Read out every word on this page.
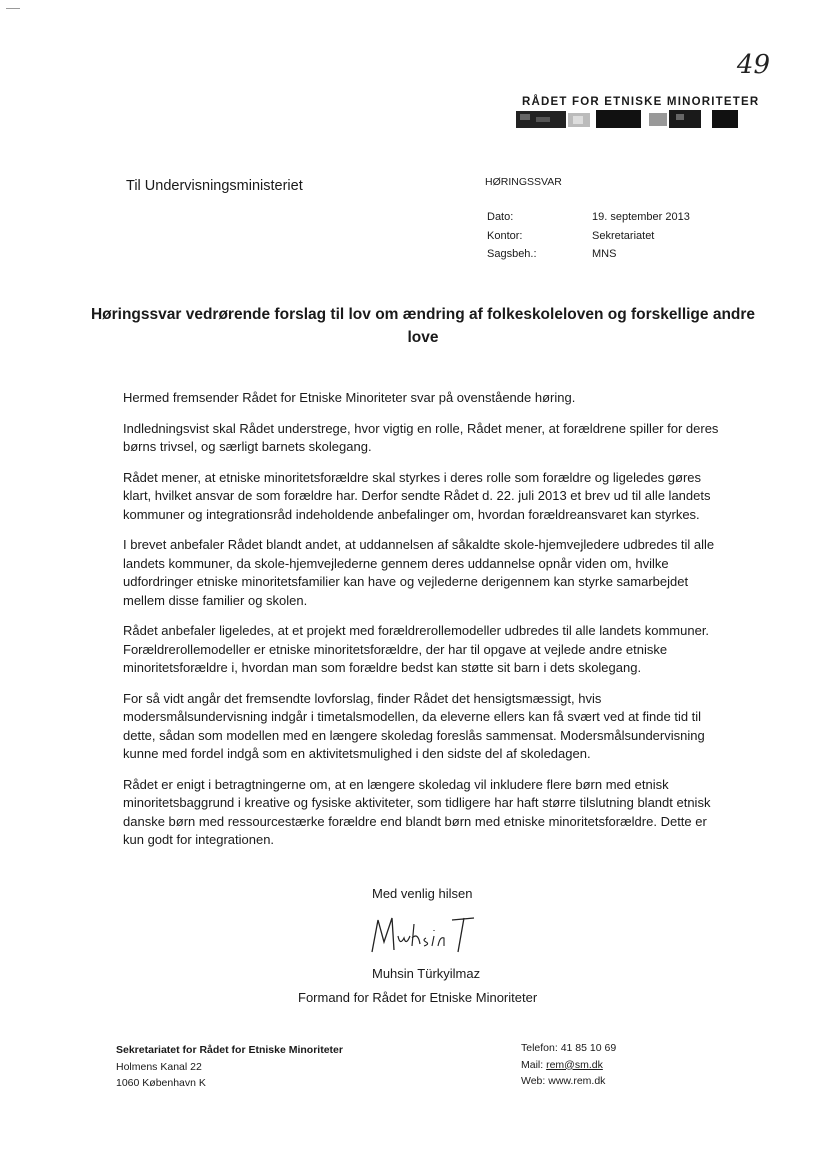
49
RÅDET FOR ETNISKE MINORITETER
Til Undervisningsministeriet	HØRINGSSVAR
Dato:	19. september 2013
Kontor:	Sekretariatet
Sagsbeh.:	MNS
Høringssvar vedrørende forslag til lov om ændring af folkeskoleloven og forskellige andre love

Hermed fremsender Rådet for Etniske Minoriteter svar på ovenstående høring.

Indledningsvist skal Rådet understrege, hvor vigtig en rolle, Rådet mener, at forældrene spiller for deres børns trivsel, og særligt barnets skolegang.

Rådet mener, at etniske minoritetsforældre skal styrkes i deres rolle som forældre og ligeledes gøres klart, hvilket ansvar de som forældre har. Derfor sendte Rådet d. 22. juli 2013 et brev ud til alle landets kommuner og integrationsråd indeholdende anbefalinger om, hvordan forældreansvaret kan styrkes.

I brevet anbefaler Rådet blandt andet, at uddannelsen af såkaldte skole-hjemvejledere udbredes til alle landets kommuner, da skole-hjemvejlederne gennem deres uddannelse opnår viden om, hvilke udfordringer etniske minoritetsfamilier kan have og vejlederne derigennem kan styrke samarbejdet mellem disse familier og skolen.

Rådet anbefaler ligeledes, at et projekt med forældrerollemodeller udbredes til alle landets kommuner. Forældrerollemodeller er etniske minoritetsforældre, der har til opgave at vejlede andre etniske minoritetsforældre i, hvordan man som forældre bedst kan støtte sit barn i dets skolegang.

For så vidt angår det fremsendte lovforslag, finder Rådet det hensigtsmæssigt, hvis modersmålsundervisning indgår i timetalsmodellen, da eleverne ellers kan få svært ved at finde tid til dette, sådan som modellen med en længere skoledag foreslås sammensat. Modersmålsundervisning kunne med fordel indgå som en aktivitetsmulighed i den sidste del af skoledagen.

Rådet er enigt i betragtningerne om, at en længere skoledag vil inkludere flere børn med etnisk minoritetsbaggrund i kreative og fysiske aktiviteter, som tidligere har haft større tilslutning blandt etnisk danske børn med ressourcestærke forældre end blandt børn med etniske minoritetsforældre. Dette er kun godt for integrationen.

Med venlig hilsen
Muhsin Türkyilmaz
Formand for Rådet for Etniske Minoriteter
Sekretariatet for Rådet for Etniske Minoriteter
Holmens Kanal 22
1060 København K
Telefon: 41 85 10 69
Mail: rem@sm.dk
Web: www.rem.dk
